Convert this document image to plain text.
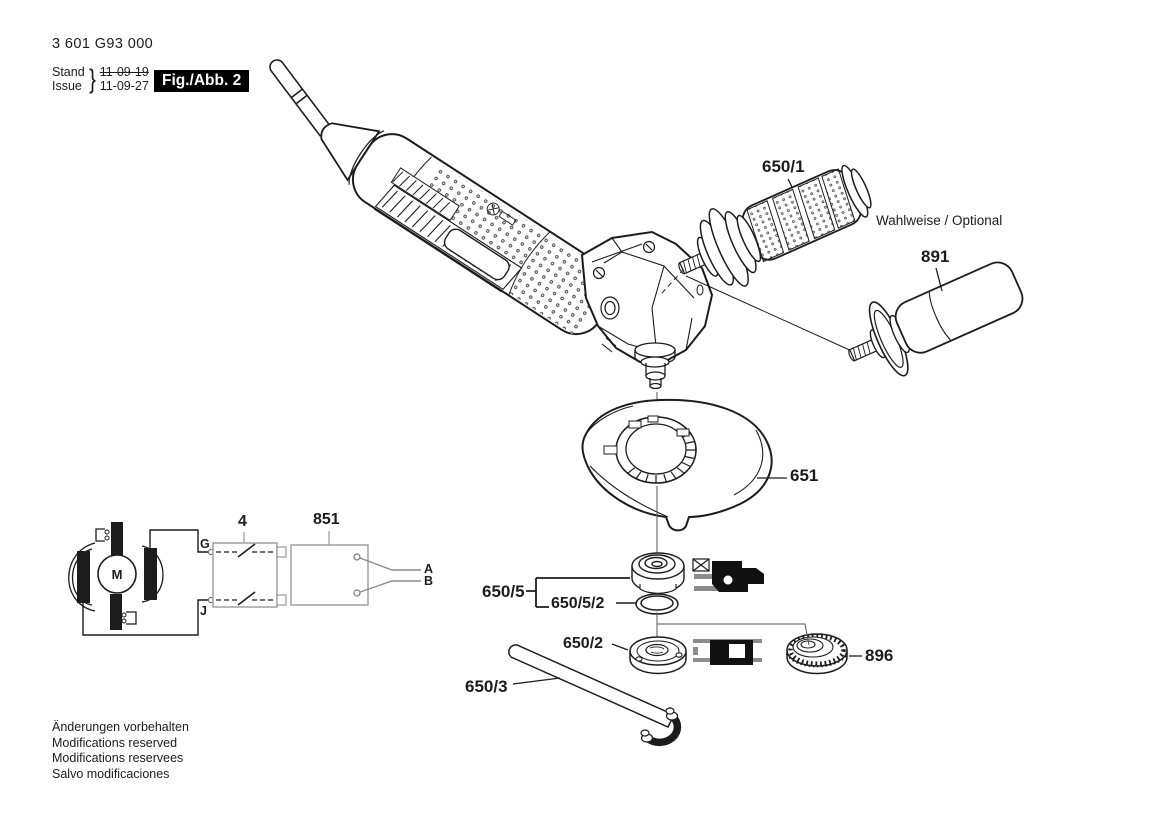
M
3 601 G93 000
Stand
Issue } 11-09-19
11-09-27 Fig./Abb. 2
650/1
Wahlweise / Optional
891
651
4	851
G
J
A
B
650/5
650/5/2
650/2
896
650/3
Änderungen vorbehalten
Modifications reserved
Modifications reservees
Salvo modificaciones
